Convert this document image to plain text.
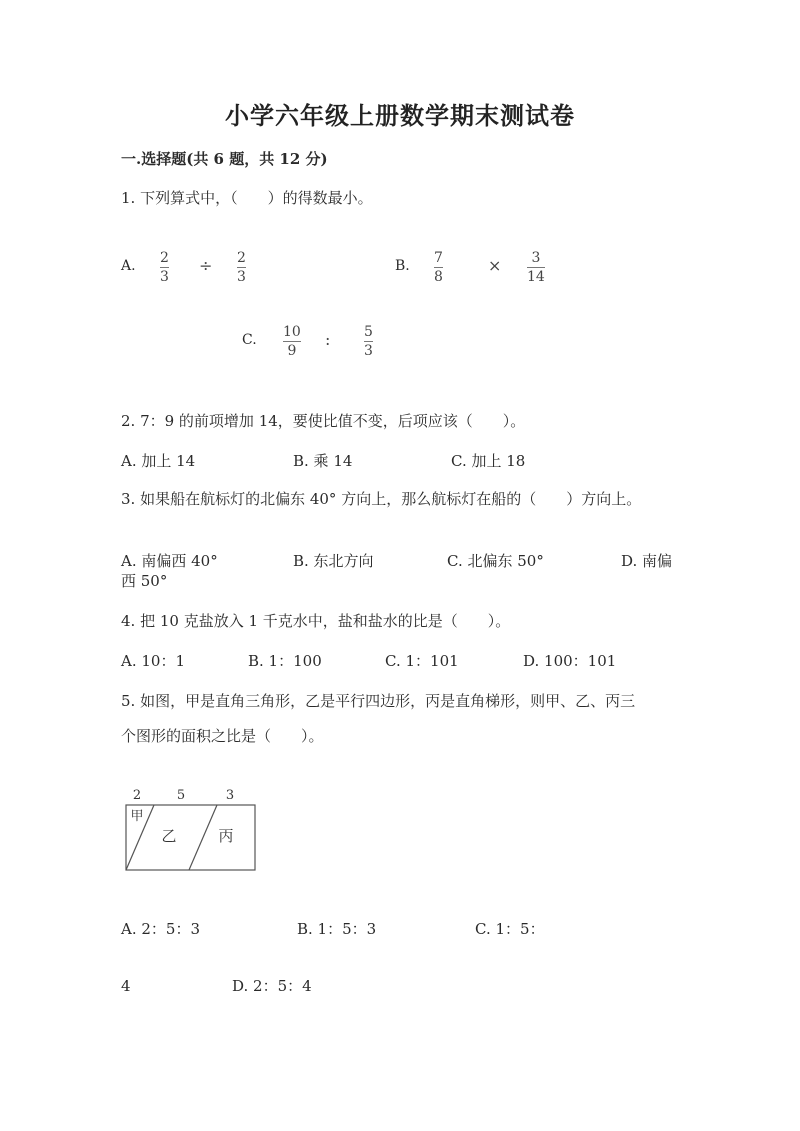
小学六年级上册数学期末测试卷
一.选择题(共 6 题，共 12 分)
1. 下列算式中，（　　）的得数最小。
A. 2
3
÷ 2
3
B. 7
8
× 3
14
C. 10
9
: 5
3
2. 7：9 的前项增加 14，要使比值不变，后项应该（　　）。
A. 加上 14	B. 乘 14	C. 加上 18
3. 如果船在航标灯的北偏东 40° 方向上，那么航标灯在船的（　　）方向上。
A. 南偏西 40°	B. 东北方向	C. 北偏东 50°	D. 南偏
西 50°
4. 把 10 克盐放入 1 千克水中，盐和盐水的比是（　　）。
A. 10：1	B. 1：100	C. 1：101	D. 100：101
5. 如图，甲是直角三角形，乙是平行四边形，丙是直角梯形，则甲、乙、丙三
个图形的面积之比是（　　）。
2	5	3
甲
乙	丙
A. 2：5：3	B. 1：5：3	C. 1：5：
4	D. 2：5：4
